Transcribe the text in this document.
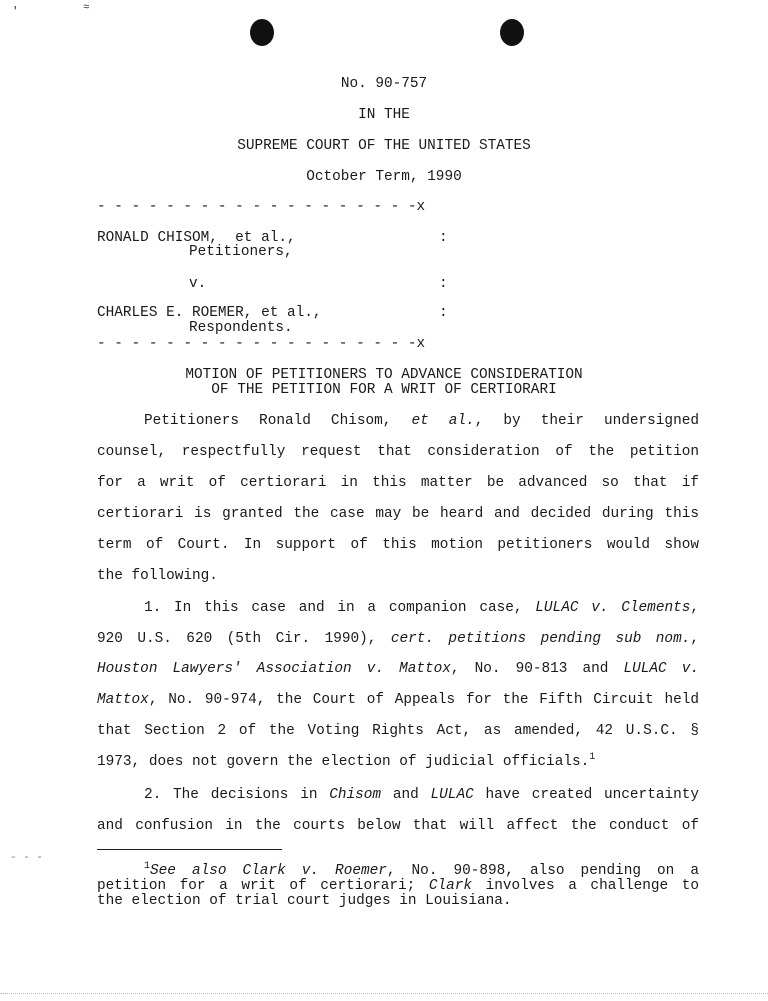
'	≈
- - -
No. 90-757
IN THE
SUPREME COURT OF THE UNITED STATES
October Term, 1990
- - - - - - - - - - - - - - - - - - -x
RONALD CHISOM,  et al.,	:
Petitioners,
v.	:
CHARLES E. ROEMER, et al.,	:
Respondents.
- - - - - - - - - - - - - - - - - - -x
MOTION OF PETITIONERS TO ADVANCE CONSIDERATION
OF THE PETITION FOR A WRIT OF CERTIORARI
Petitioners Ronald Chisom, et al., by their undersigned
counsel, respectfully request that consideration of the petition
for a writ of certiorari in this matter be advanced so that if
certiorari is granted the case may be heard and decided during this
term of Court. In support of this motion petitioners would show
the following.
1. In this case and in a companion case, LULAC v. Clements,
920 U.S. 620 (5th Cir. 1990), cert. petitions pending sub nom.,
Houston Lawyers' Association v. Mattox, No. 90-813 and LULAC v.
Mattox, No. 90-974, the Court of Appeals for the Fifth Circuit held
that Section 2 of the Voting Rights Act, as amended, 42 U.S.C. §
1973, does not govern the election of judicial officials.$^1$
2. The decisions in Chisom and LULAC have created uncertainty
and confusion in the courts below that will affect the conduct of
$^1$See also Clark v. Roemer, No. 90-898, also pending on a
petition for a writ of certiorari; Clark involves a challenge to
the election of trial court judges in Louisiana.
